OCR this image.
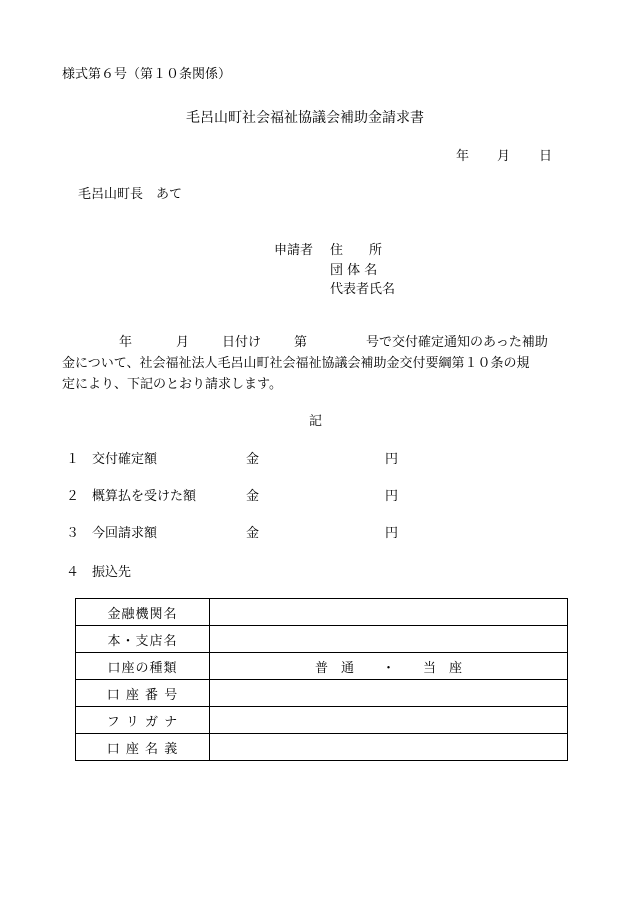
様式第６号（第１０条関係）
毛呂山町社会福祉協議会補助金請求書
年 月 日
毛呂山町長　あて
申請者 住　　所
団 体 名
代表者氏名
年	月	日付け	第	号で交付確定通知のあった補助
金について、社会福祉法人毛呂山町社会福祉協議会補助金交付要綱第１０条の規
定により、下記のとおり請求します。
記
１ 交付確定額	金	円
２ 概算払を受けた額	金	円
３ 今回請求額	金	円
４ 振込先
金融機関名	
本・支店名	
口座の種類	普　通 ・ 当　座
口 座 番 号	
フ リ ガ ナ	
口 座 名 義	
